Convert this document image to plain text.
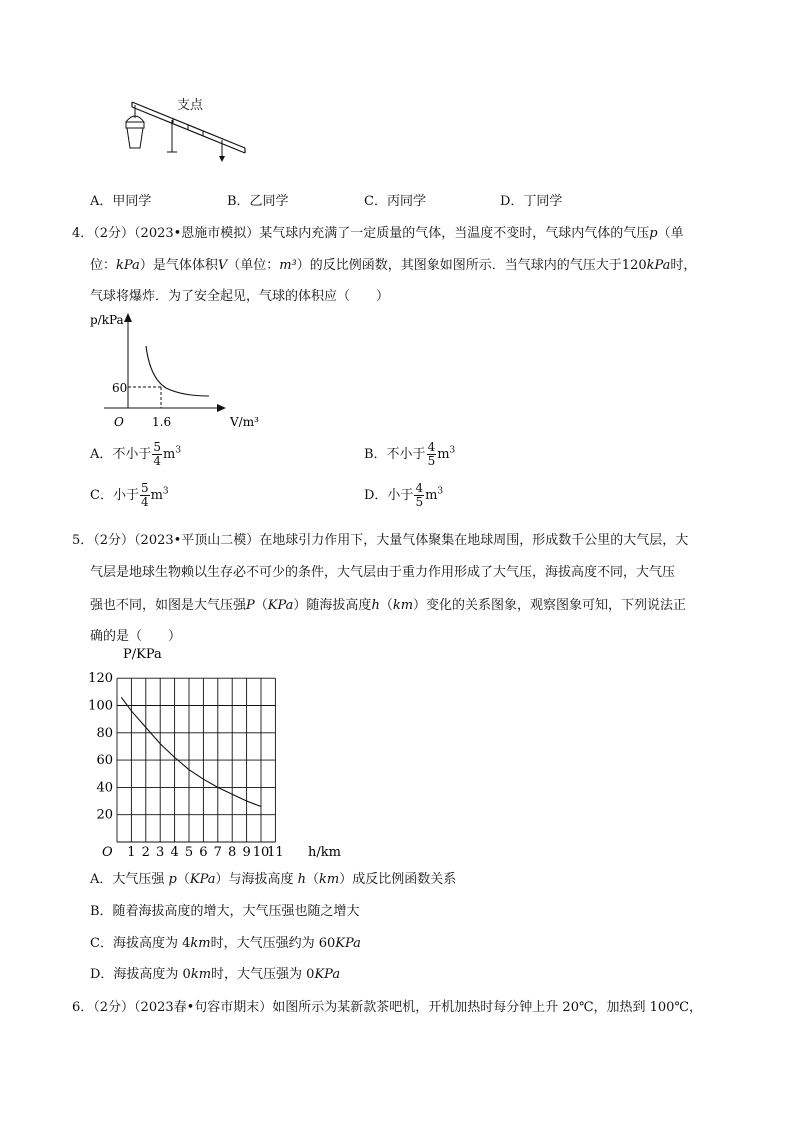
支点
A．甲同学	B．乙同学	C．丙同学	D．丁同学
4．（2分）（2023•恩施市模拟）某气球内充满了一定质量的气体，当温度不变时，气球内气体的气压p（单
位：kPa）是气体体积V（单位：m³）的反比例函数，其图象如图所示．当气球内的气压大于120kPa时，
气球将爆炸．为了安全起见，气球的体积应（　　）
p/kPa
V/m³
O
60
1.6
A．不小于 $\frac{5}{4} m^3$	B．不小于 $\frac{4}{5} m^3$
C．小于 $\frac{5}{4} m^3$	D．小于 $\frac{4}{5} m^3$
5．（2分）（2023•平顶山二模）在地球引力作用下，大量气体聚集在地球周围，形成数千公里的大气层，大
气层是地球生物赖以生存必不可少的条件，大气层由于重力作用形成了大气压，海拔高度不同，大气压
强也不同，如图是大气压强P（KPa）随海拔高度h（km）变化的关系图象，观察图象可知，下列说法正
确的是（　　）
20
40
60
80
100
120
1 2 3 4 5 6 7 8 9 10
11
P/KPa
h/km
O
A．大气压强 p（KPa）与海拔高度 h（km）成反比例函数关系
B．随着海拔高度的增大，大气压强也随之增大
C．海拔高度为 4km时，大气压强约为 60KPa
D．海拔高度为 0km时，大气压强为 0KPa
6．（2分）（2023春•句容市期末）如图所示为某新款茶吧机，开机加热时每分钟上升 20℃，加热到 100℃，
